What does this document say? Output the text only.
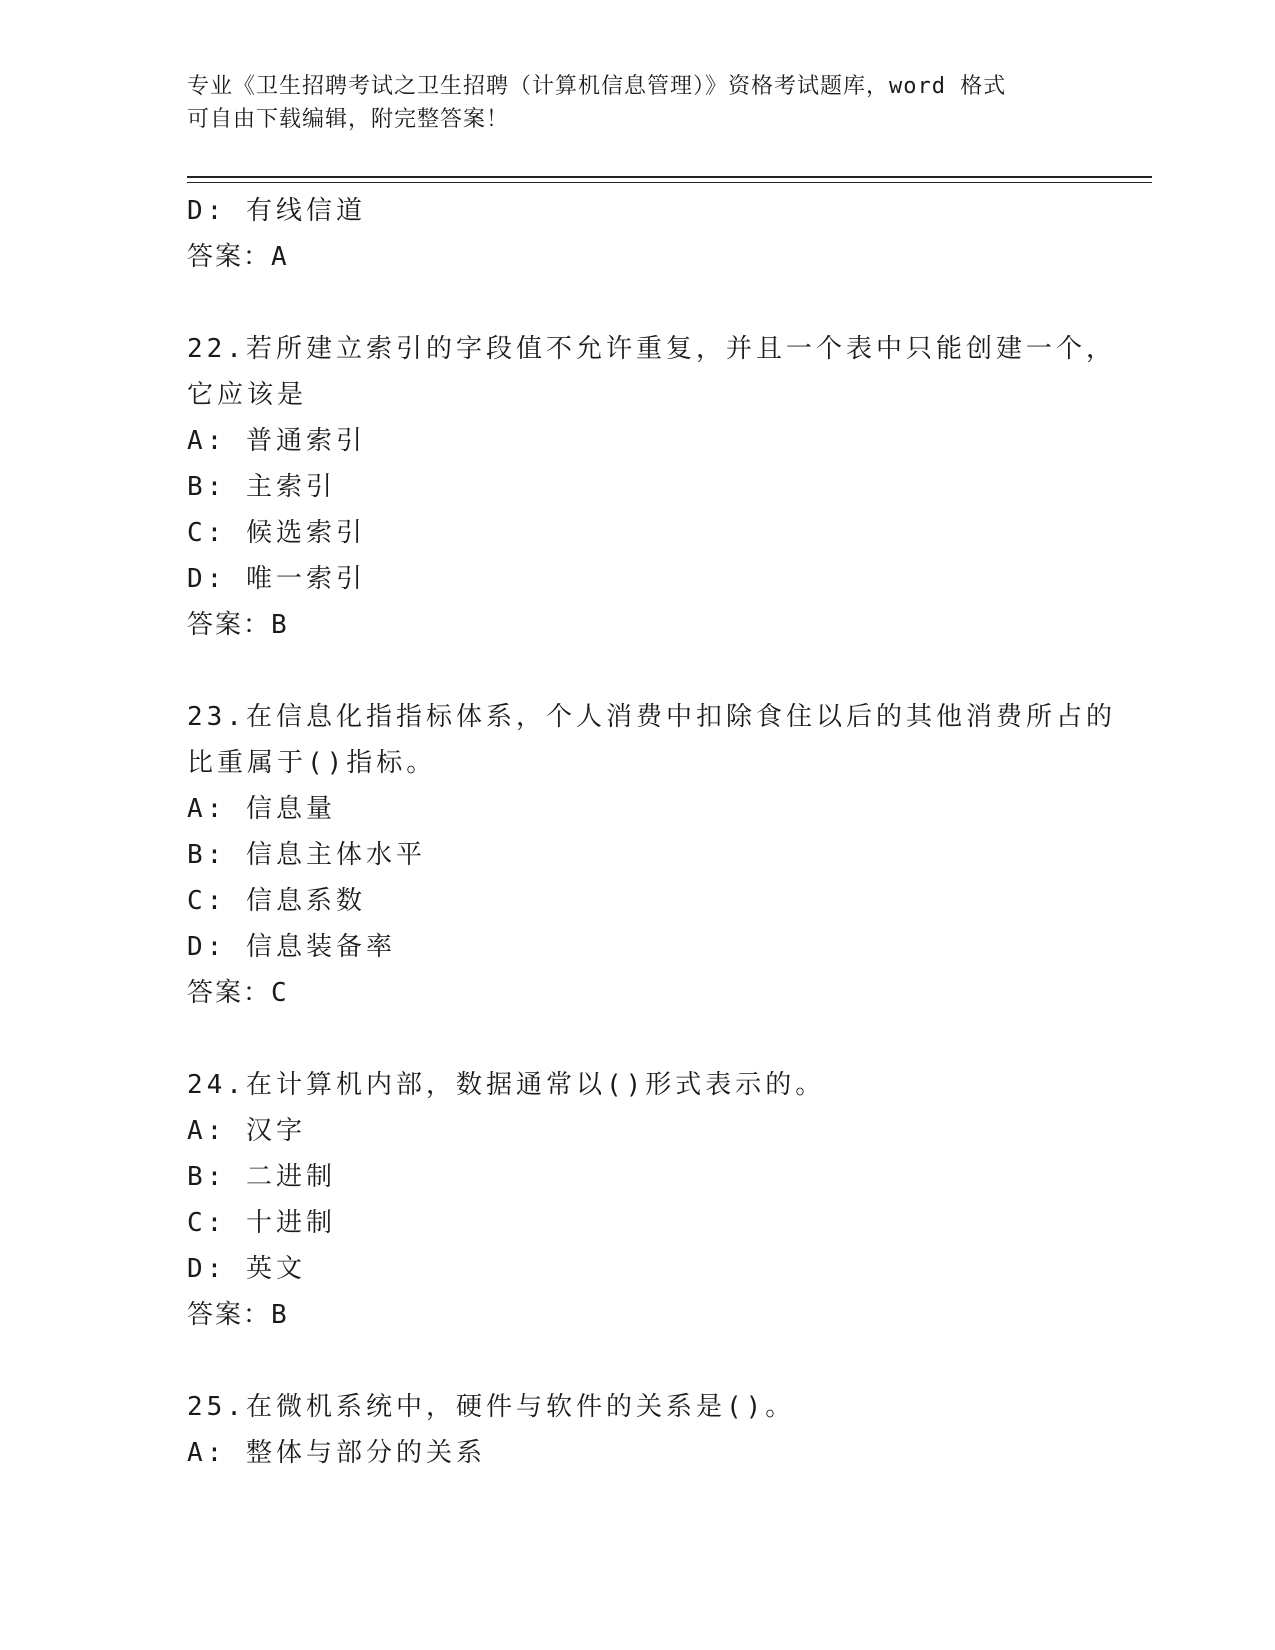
专业《卫生招聘考试之卫生招聘（计算机信息管理）》资格考试题库，word 格式
可自由下载编辑，附完整答案！
D: 有线信道
答案：A
22.若所建立索引的字段值不允许重复，并且一个表中只能创建一个，
它应该是
A: 普通索引
B: 主索引
C: 候选索引
D: 唯一索引
答案：B
23.在信息化指指标体系，个人消费中扣除食住以后的其他消费所占的
比重属于()指标。
A: 信息量
B: 信息主体水平
C: 信息系数
D: 信息装备率
答案：C
24.在计算机内部，数据通常以()形式表示的。
A: 汉字
B: 二进制
C: 十进制
D: 英文
答案：B
25.在微机系统中，硬件与软件的关系是()。
A: 整体与部分的关系
